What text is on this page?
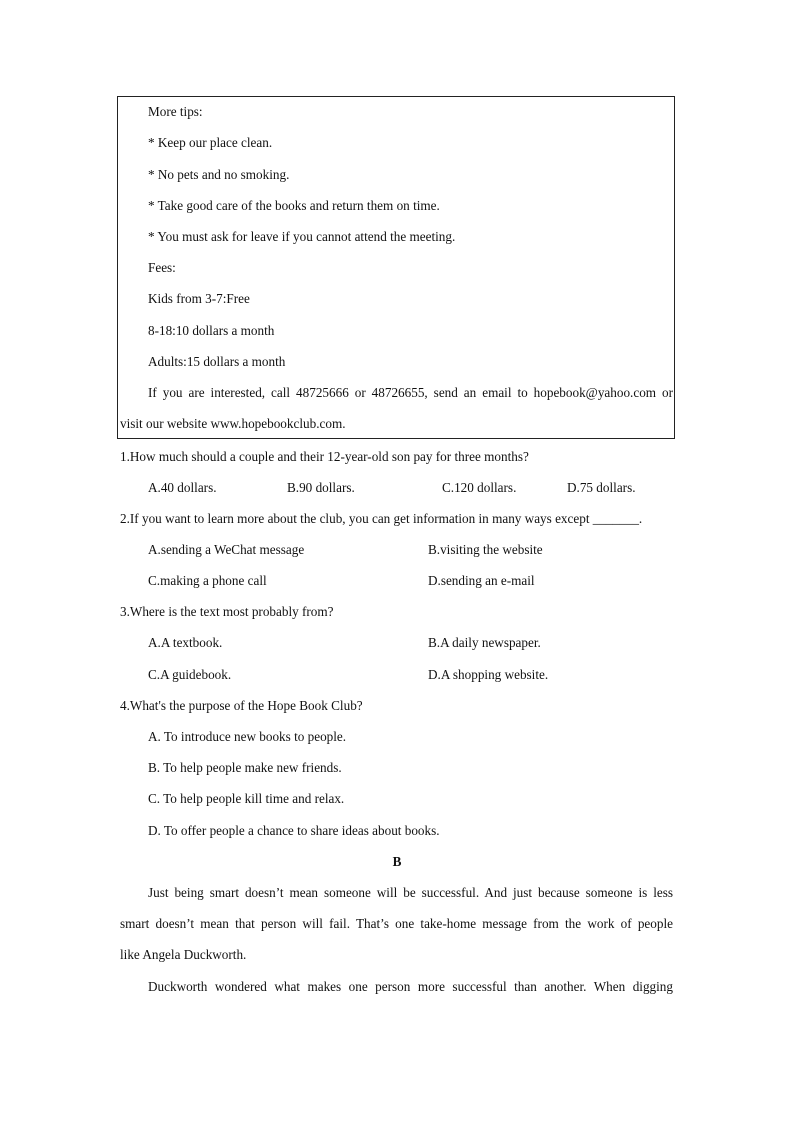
More tips:
* Keep our place clean.
* No pets and no smoking.
* Take good care of the books and return them on time.
* You must ask for leave if you cannot attend the meeting.
Fees:
Kids from 3-7:Free
8-18:10 dollars a month
Adults:15 dollars a month
If you are interested, call 48725666 or 48726655, send an email to hopebook@yahoo.com or
visit our website www.hopebookclub.com.
1.How much should a couple and their 12-year-old son pay for three months?
A.40 dollars.	B.90 dollars.	C.120 dollars.	D.75 dollars.
2.If you want to learn more about the club, you can get information in many ways except _______.
A.sending a WeChat message	B.visiting the website
C.making a phone call	D.sending an e-mail
3.Where is the text most probably from?
A.A textbook.	B.A daily newspaper.
C.A guidebook.	D.A shopping website.
4.What's the purpose of the Hope Book Club?
A. To introduce new books to people.
B. To help people make new friends.
C. To help people kill time and relax.
D. To offer people a chance to share ideas about books.
B
Just being smart doesn’t mean someone will be successful. And just because someone is less
smart doesn’t mean that person will fail. That’s one take-home message from the work of people
like Angela Duckworth.
Duckworth wondered what makes one person more successful than another. When digging
